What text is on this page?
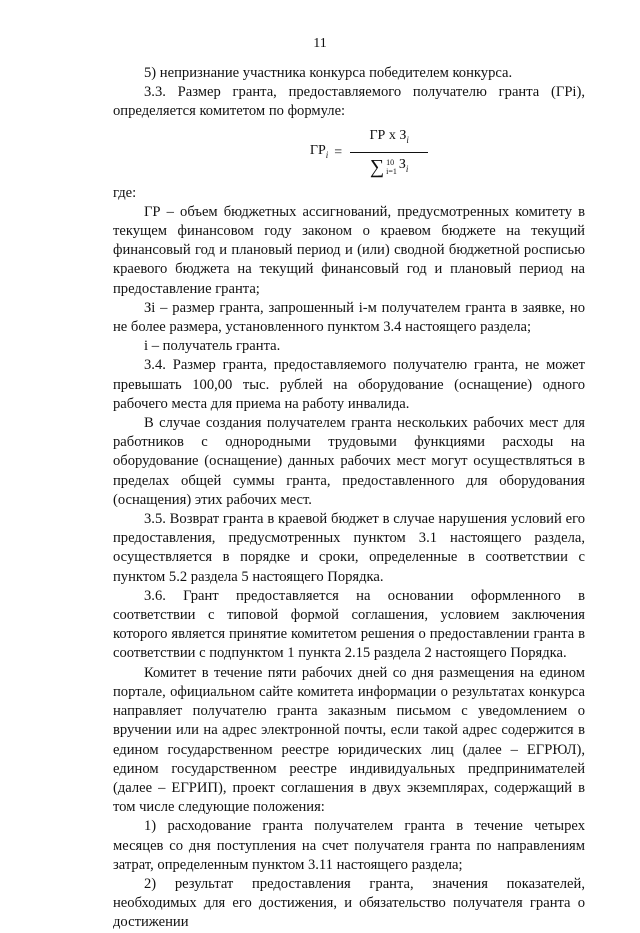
11

5) непризнание участника конкурса победителем конкурса.

3.3. Размер гранта, предоставляемого получателю гранта (ГРi), определяется комитетом по формуле:

$ГР_i$ =
ГР х $З_i$
∑ 10
i=1 $З_i$

где:

ГР – объем бюджетных ассигнований, предусмотренных комитету в текущем финансовом году законом о краевом бюджете на текущий финансовый год и плановый период и (или) сводной бюджетной росписью краевого бюджета на текущий финансовый год и плановый период на предоставление гранта;

Зi – размер гранта, запрошенный i-м получателем гранта в заявке, но не более размера, установленного пунктом 3.4 настоящего раздела;

i – получатель гранта.

3.4. Размер гранта, предоставляемого получателю гранта, не может превышать 100,00 тыс. рублей на оборудование (оснащение) одного рабочего места для приема на работу инвалида.

В случае создания получателем гранта нескольких рабочих мест для работников с однородными трудовыми функциями расходы на оборудование (оснащение) данных рабочих мест могут осуществляться в пределах общей суммы гранта, предоставленного для оборудования (оснащения) этих рабочих мест.

3.5. Возврат гранта в краевой бюджет в случае нарушения условий его предоставления, предусмотренных пунктом 3.1 настоящего раздела, осуществляется в порядке и сроки, определенные в соответствии с пунктом 5.2 раздела 5 настоящего Порядка.

3.6. Грант предоставляется на основании оформленного в соответствии с типовой формой соглашения, условием заключения которого является принятие комитетом решения о предоставлении гранта в соответствии с подпунктом 1 пункта 2.15 раздела 2 настоящего Порядка.

Комитет в течение пяти рабочих дней со дня размещения на едином портале, официальном сайте комитета информации о результатах конкурса направляет получателю гранта заказным письмом с уведомлением о вручении или на адрес электронной почты, если такой адрес содержится в едином государственном реестре юридических лиц (далее – ЕГРЮЛ), едином государственном реестре индивидуальных предпринимателей (далее – ЕГРИП), проект соглашения в двух экземплярах, содержащий в том числе следующие положения:

1) расходование гранта получателем гранта в течение четырех месяцев со дня поступления на счет получателя гранта по направлениям затрат, определенным пунктом 3.11 настоящего раздела;

2) результат предоставления гранта, значения показателей, необходимых для его достижения, и обязательство получателя гранта о достижении
